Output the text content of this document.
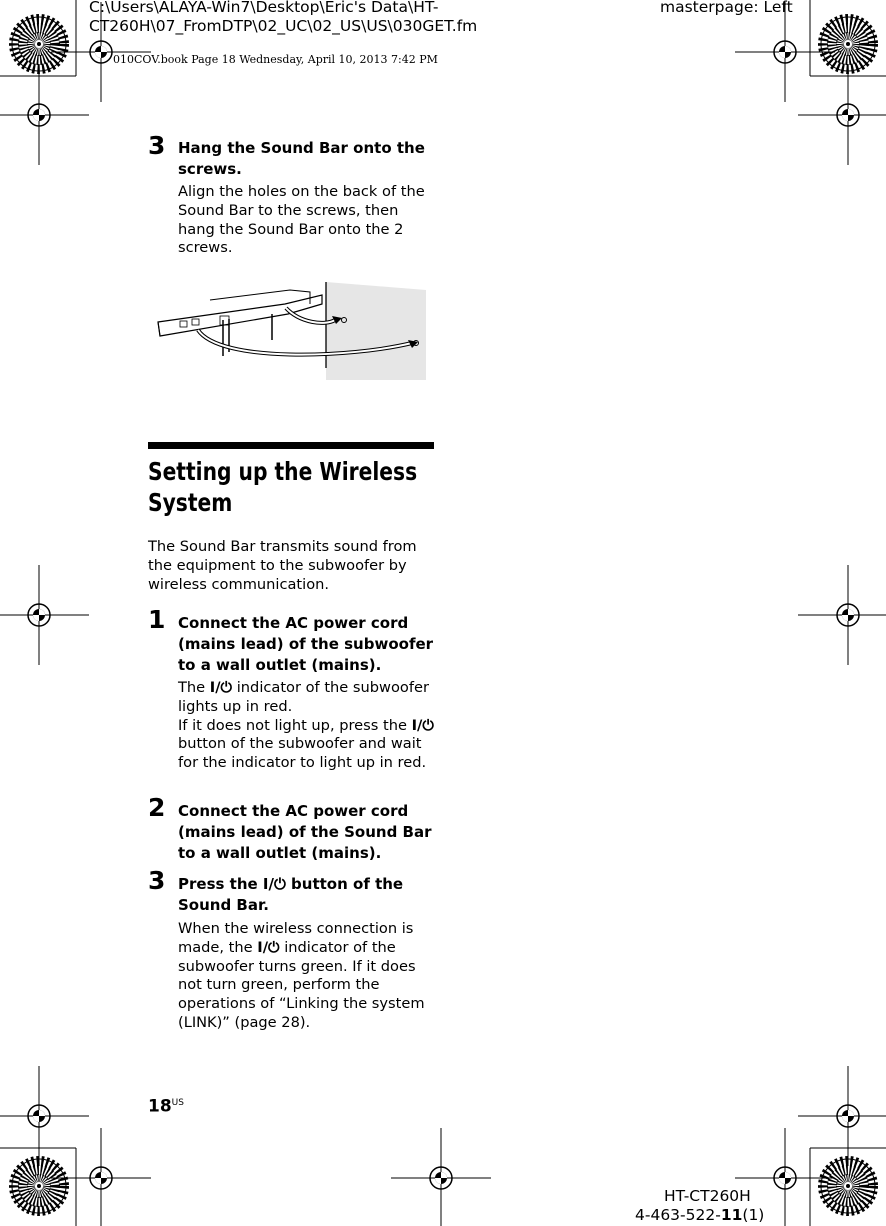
C:\Users\ALAYA-Win7\Desktop\Eric's Data\HT-
CT260H\07_FromDTP\02_UC\02_US\US\030GET.fm
masterpage: Left
010COV.book Page 18 Wednesday, April 10, 2013 7:42 PM
3 Hang the Sound Bar onto the screws.
Align the holes on the back of the Sound Bar to the screws, then hang the Sound Bar onto the 2 screws.
Setting up the Wireless System
The Sound Bar transmits sound from the equipment to the subwoofer by wireless communication.
1 Connect the AC power cord (mains lead) of the subwoofer to a wall outlet (mains).
The I/⏻ indicator of the subwoofer lights up in red.
If it does not light up, press the I/⏻ button of the subwoofer and wait for the indicator to light up in red.
2 Connect the AC power cord (mains lead) of the Sound Bar to a wall outlet (mains).
3 Press the I/⏻ button of the Sound Bar.
When the wireless connection is made, the I/⏻ indicator of the subwoofer turns green. If it does not turn green, perform the operations of “Linking the system (LINK)” (page 28).
$18^{US}$
HT-CT260H
4-463-522-11(1)
